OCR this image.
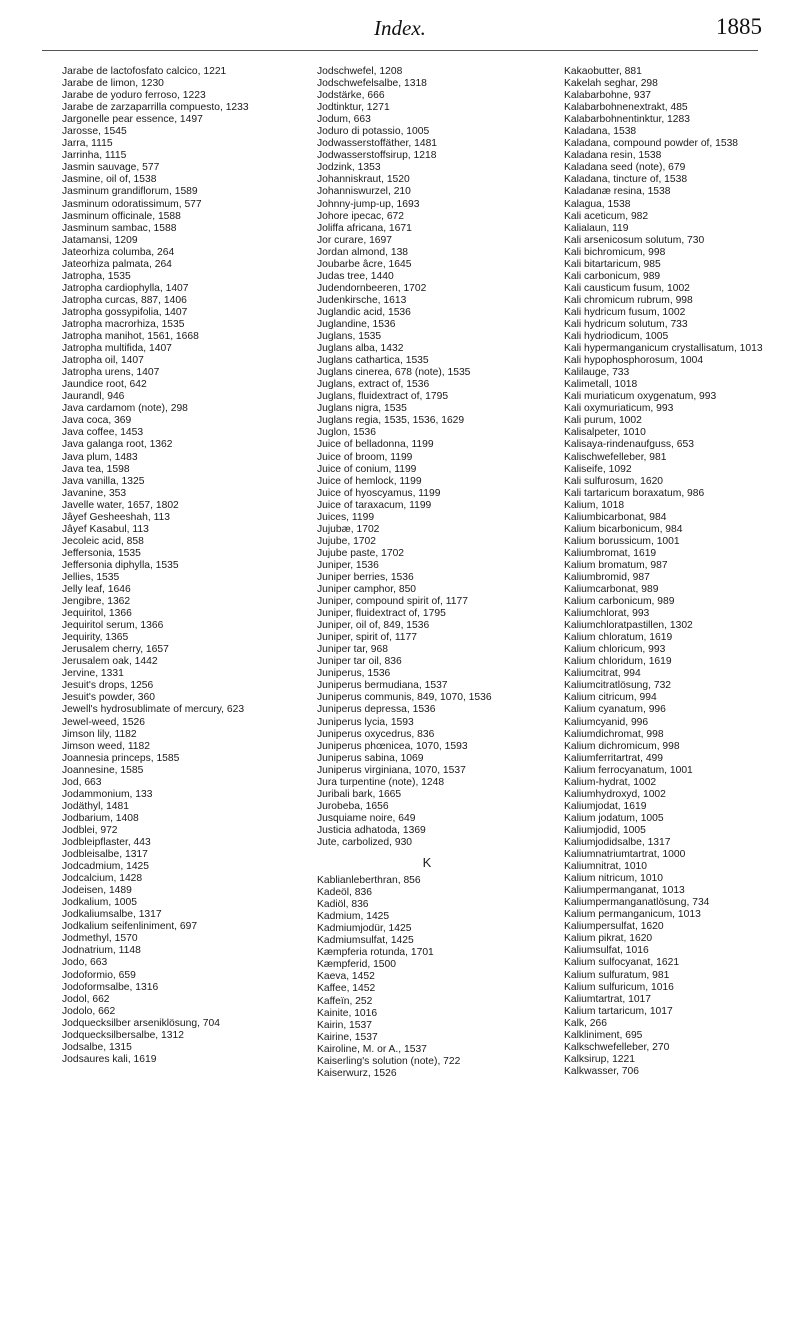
Index.	1885
Jarabe de lactofosfato calcico, 1221
Jarabe de limon, 1230
Jarabe de yoduro ferroso, 1223
Jarabe de zarzaparrilla compuesto, 1233
Jargonelle pear essence, 1497
Jarosse, 1545
Jarra, 1115
Jarrinha, 1115
Jasmin sauvage, 577
Jasmine, oil of, 1538
Jasminum grandiflorum, 1589
Jasminum odoratissimum, 577
Jasminum officinale, 1588
Jasminum sambac, 1588
Jatamansi, 1209
Jateorhiza columba, 264
Jateorhiza palmata, 264
Jatropha, 1535
Jatropha cardiophylla, 1407
Jatropha curcas, 887, 1406
Jatropha gossypifolia, 1407
Jatropha macrorhiza, 1535
Jatropha manihot, 1561, 1668
Jatropha multifida, 1407
Jatropha oil, 1407
Jatropha urens, 1407
Jaundice root, 642
Jaurandl, 946
Java cardamom (note), 298
Java coca, 369
Java coffee, 1453
Java galanga root, 1362
Java plum, 1483
Java tea, 1598
Java vanilla, 1325
Javanine, 353
Javelle water, 1657, 1802
Jâyef Gesheeshah, 113
Jâyef Kasabul, 113
Jecoleic acid, 858
Jeffersonia, 1535
Jeffersonia diphylla, 1535
Jellies, 1535
Jelly leaf, 1646
Jengibre, 1362
Jequiritol, 1366
Jequiritol serum, 1366
Jequirity, 1365
Jerusalem cherry, 1657
Jerusalem oak, 1442
Jervine, 1331
Jesuit's drops, 1256
Jesuit's powder, 360
Jewell's hydrosublimate of mercury, 623
Jewel-weed, 1526
Jimson lily, 1182
Jimson weed, 1182
Joannesia princeps, 1585
Joannesine, 1585
Jod, 663
Jodammonium, 133
Jodäthyl, 1481
Jodbarium, 1408
Jodblei, 972
Jodbleipflaster, 443
Jodbleisalbe, 1317
Jodcadmium, 1425
Jodcalcium, 1428
Jodeisen, 1489
Jodkalium, 1005
Jodkaliumsalbe, 1317
Jodkalium seifenliniment, 697
Jodmethyl, 1570
Jodnatrium, 1148
Jodo, 663
Jodoformio, 659
Jodoformsalbe, 1316
Jodol, 662
Jodolo, 662
Jodquecksilber arseniklösung, 704
Jodquecksilbersalbe, 1312
Jodsalbe, 1315
Jodsaures kali, 1619
Jodschwefel, 1208
Jodschwefelsalbe, 1318
Jodstärke, 666
Jodtinktur, 1271
Jodum, 663
Joduro di potassio, 1005
Jodwasserstoffäther, 1481
Jodwasserstoffsirup, 1218
Jodzink, 1353
Johanniskraut, 1520
Johanniswurzel, 210
Johnny-jump-up, 1693
Johore ipecac, 672
Joliffa africana, 1671
Jor curare, 1697
Jordan almond, 138
Joubarbe âcre, 1645
Judas tree, 1440
Judendornbeeren, 1702
Judenkirsche, 1613
Juglandic acid, 1536
Juglandine, 1536
Juglans, 1535
Juglans alba, 1432
Juglans cathartica, 1535
Juglans cinerea, 678 (note), 1535
Juglans, extract of, 1536
Juglans, fluidextract of, 1795
Juglans nigra, 1535
Juglans regia, 1535, 1536, 1629
Juglon, 1536
Juice of belladonna, 1199
Juice of broom, 1199
Juice of conium, 1199
Juice of hemlock, 1199
Juice of hyoscyamus, 1199
Juice of taraxacum, 1199
Juices, 1199
Jujubæ, 1702
Jujube, 1702
Jujube paste, 1702
Juniper, 1536
Juniper berries, 1536
Juniper camphor, 850
Juniper, compound spirit of, 1177
Juniper, fluidextract of, 1795
Juniper, oil of, 849, 1536
Juniper, spirit of, 1177
Juniper tar, 968
Juniper tar oil, 836
Juniperus, 1536
Juniperus bermudiana, 1537
Juniperus communis, 849, 1070, 1536
Juniperus depressa, 1536
Juniperus lycia, 1593
Juniperus oxycedrus, 836
Juniperus phœnicea, 1070, 1593
Juniperus sabina, 1069
Juniperus virginiana, 1070, 1537
Jura turpentine (note), 1248
Juribali bark, 1665
Jurobeba, 1656
Jusquiame noire, 649
Justicia adhatoda, 1369
Jute, carbolized, 930
K
Kablianleberthran, 856
Kadeöl, 836
Kadiöl, 836
Kadmium, 1425
Kadmiumjodür, 1425
Kadmiumsulfat, 1425
Kæmpferia rotunda, 1701
Kæmpferid, 1500
Kaeva, 1452
Kaffee, 1452
Kaffeïn, 252
Kainite, 1016
Kairin, 1537
Kairine, 1537
Kairoline, M. or A., 1537
Kaiserling's solution (note), 722
Kaiserwurz, 1526
Kakaobutter, 881
Kakelah seghar, 298
Kalabarbohne, 937
Kalabarbohnenextrakt, 485
Kalabarbohnentinktur, 1283
Kaladana, 1538
Kaladana, compound powder of, 1538
Kaladana resin, 1538
Kaladana seed (note), 679
Kaladana, tincture of, 1538
Kaladanæ resina, 1538
Kalagua, 1538
Kali aceticum, 982
Kalialaun, 119
Kali arsenicosum solutum, 730
Kali bichromicum, 998
Kali bitartaricum, 985
Kali carbonicum, 989
Kali causticum fusum, 1002
Kali chromicum rubrum, 998
Kali hydricum fusum, 1002
Kali hydricum solutum, 733
Kali hydriodicum, 1005
Kali hypermanganicum crystallisatum, 1013
Kali hypophosphorosum, 1004
Kalilauge, 733
Kalimetall, 1018
Kali muriaticum oxygenatum, 993
Kali oxymuriaticum, 993
Kali purum, 1002
Kalisalpeter, 1010
Kalisaya-rindenaufguss, 653
Kalischwefelleber, 981
Kaliseife, 1092
Kali sulfurosum, 1620
Kali tartaricum boraxatum, 986
Kalium, 1018
Kaliumbicarbonat, 984
Kalium bicarbonicum, 984
Kalium borussicum, 1001
Kaliumbromat, 1619
Kalium bromatum, 987
Kaliumbromid, 987
Kaliumcarbonat, 989
Kalium carbonicum, 989
Kaliumchlorat, 993
Kaliumchloratpastillen, 1302
Kalium chloratum, 1619
Kalium chloricum, 993
Kalium chloridum, 1619
Kaliumcitrat, 994
Kaliumcitratlösung, 732
Kalium citricum, 994
Kalium cyanatum, 996
Kaliumcyanid, 996
Kaliumdichromat, 998
Kalium dichromicum, 998
Kaliumferritartrat, 499
Kalium ferrocyanatum, 1001
Kalium-hydrat, 1002
Kaliumhydroxyd, 1002
Kaliumjodat, 1619
Kalium jodatum, 1005
Kaliumjodid, 1005
Kaliumjodidsalbe, 1317
Kaliumnatriumtartrat, 1000
Kaliumnitrat, 1010
Kalium nitricum, 1010
Kaliumpermanganat, 1013
Kaliumpermanganatlösung, 734
Kalium permanganicum, 1013
Kaliumpersulfat, 1620
Kalium pikrat, 1620
Kaliumsulfat, 1016
Kalium sulfocyanat, 1621
Kalium sulfuratum, 981
Kalium sulfuricum, 1016
Kaliumtartrat, 1017
Kalium tartaricum, 1017
Kalk, 266
Kalkliniment, 695
Kalkschwefelleber, 270
Kalksirup, 1221
Kalkwasser, 706
